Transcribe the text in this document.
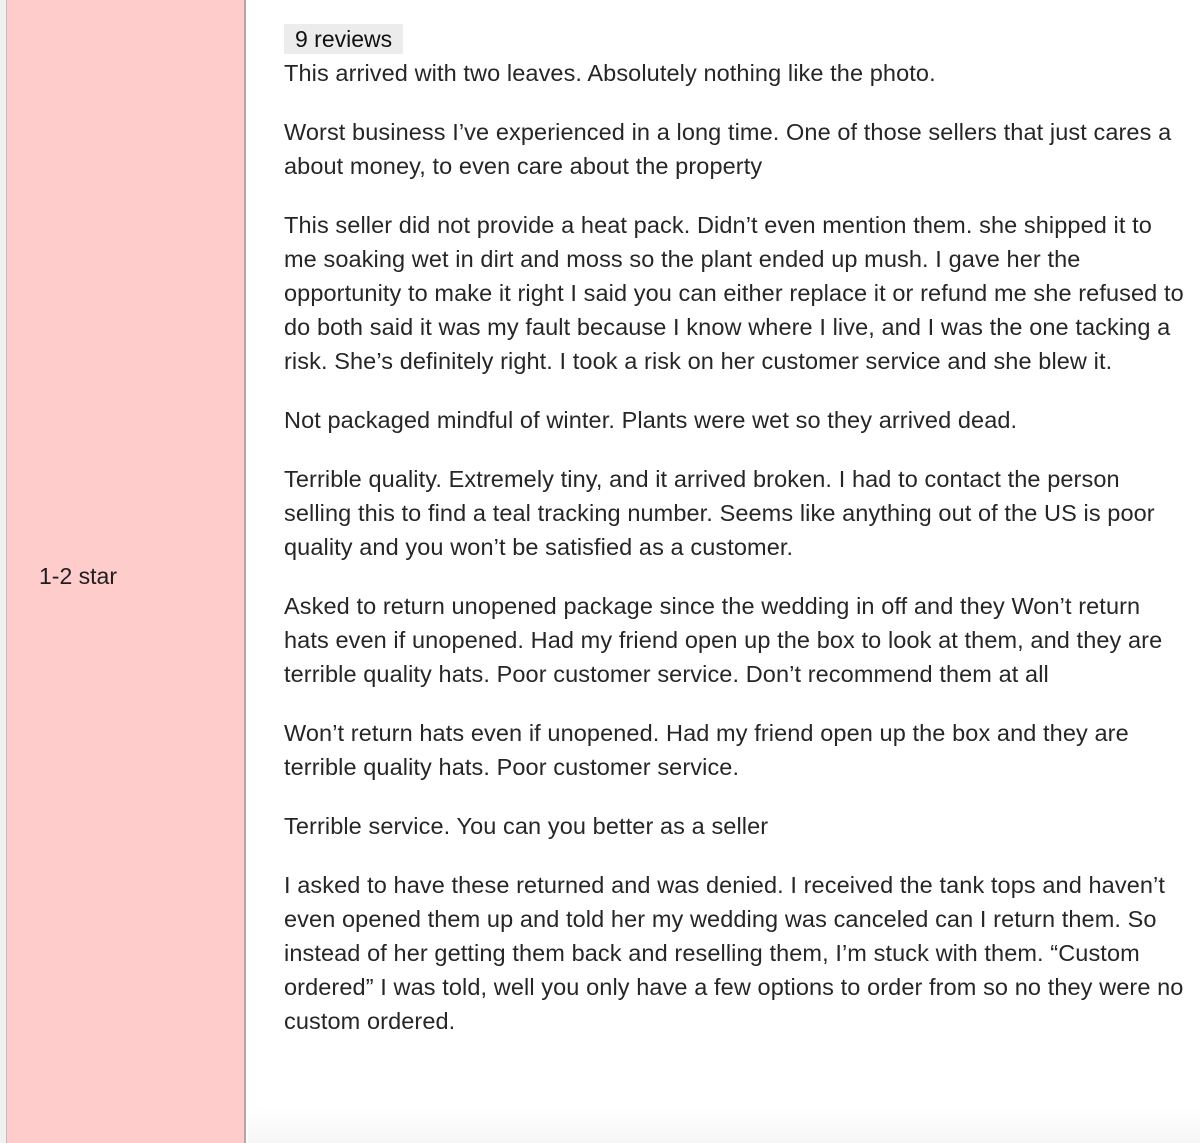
1-2 star
9 reviews
This arrived with two leaves. Absolutely nothing like the photo.
Worst business I’ve experienced in a long time. One of those sellers that just cares a about money, to even care about the property
This seller did not provide a heat pack. Didn’t even mention them. she shipped it to me soaking wet in dirt and moss so the plant ended up mush. I gave her the opportunity to make it right I said you can either replace it or refund me she refused to do both said it was my fault because I know where I live, and I was the one tacking a risk. She’s definitely right. I took a risk on her customer service and she blew it.
Not packaged mindful of winter. Plants were wet so they arrived dead.
Terrible quality. Extremely tiny, and it arrived broken. I had to contact the person selling this to find a teal tracking number. Seems like anything out of the US is poor quality and you won’t be satisfied as a customer.
Asked to return unopened package since the wedding in off and they Won’t return hats even if unopened. Had my friend open up the box to look at them, and they are terrible quality hats. Poor customer service. Don’t recommend them at all
Won’t return hats even if unopened. Had my friend open up the box and they are terrible quality hats. Poor customer service.
Terrible service. You can you better as a seller
I asked to have these returned and was denied. I received the tank tops and haven’t even opened them up and told her my wedding was canceled can I return them. So instead of her getting them back and reselling them, I’m stuck with them. “Custom ordered” I was told, well you only have a few options to order from so no they were no custom ordered.
